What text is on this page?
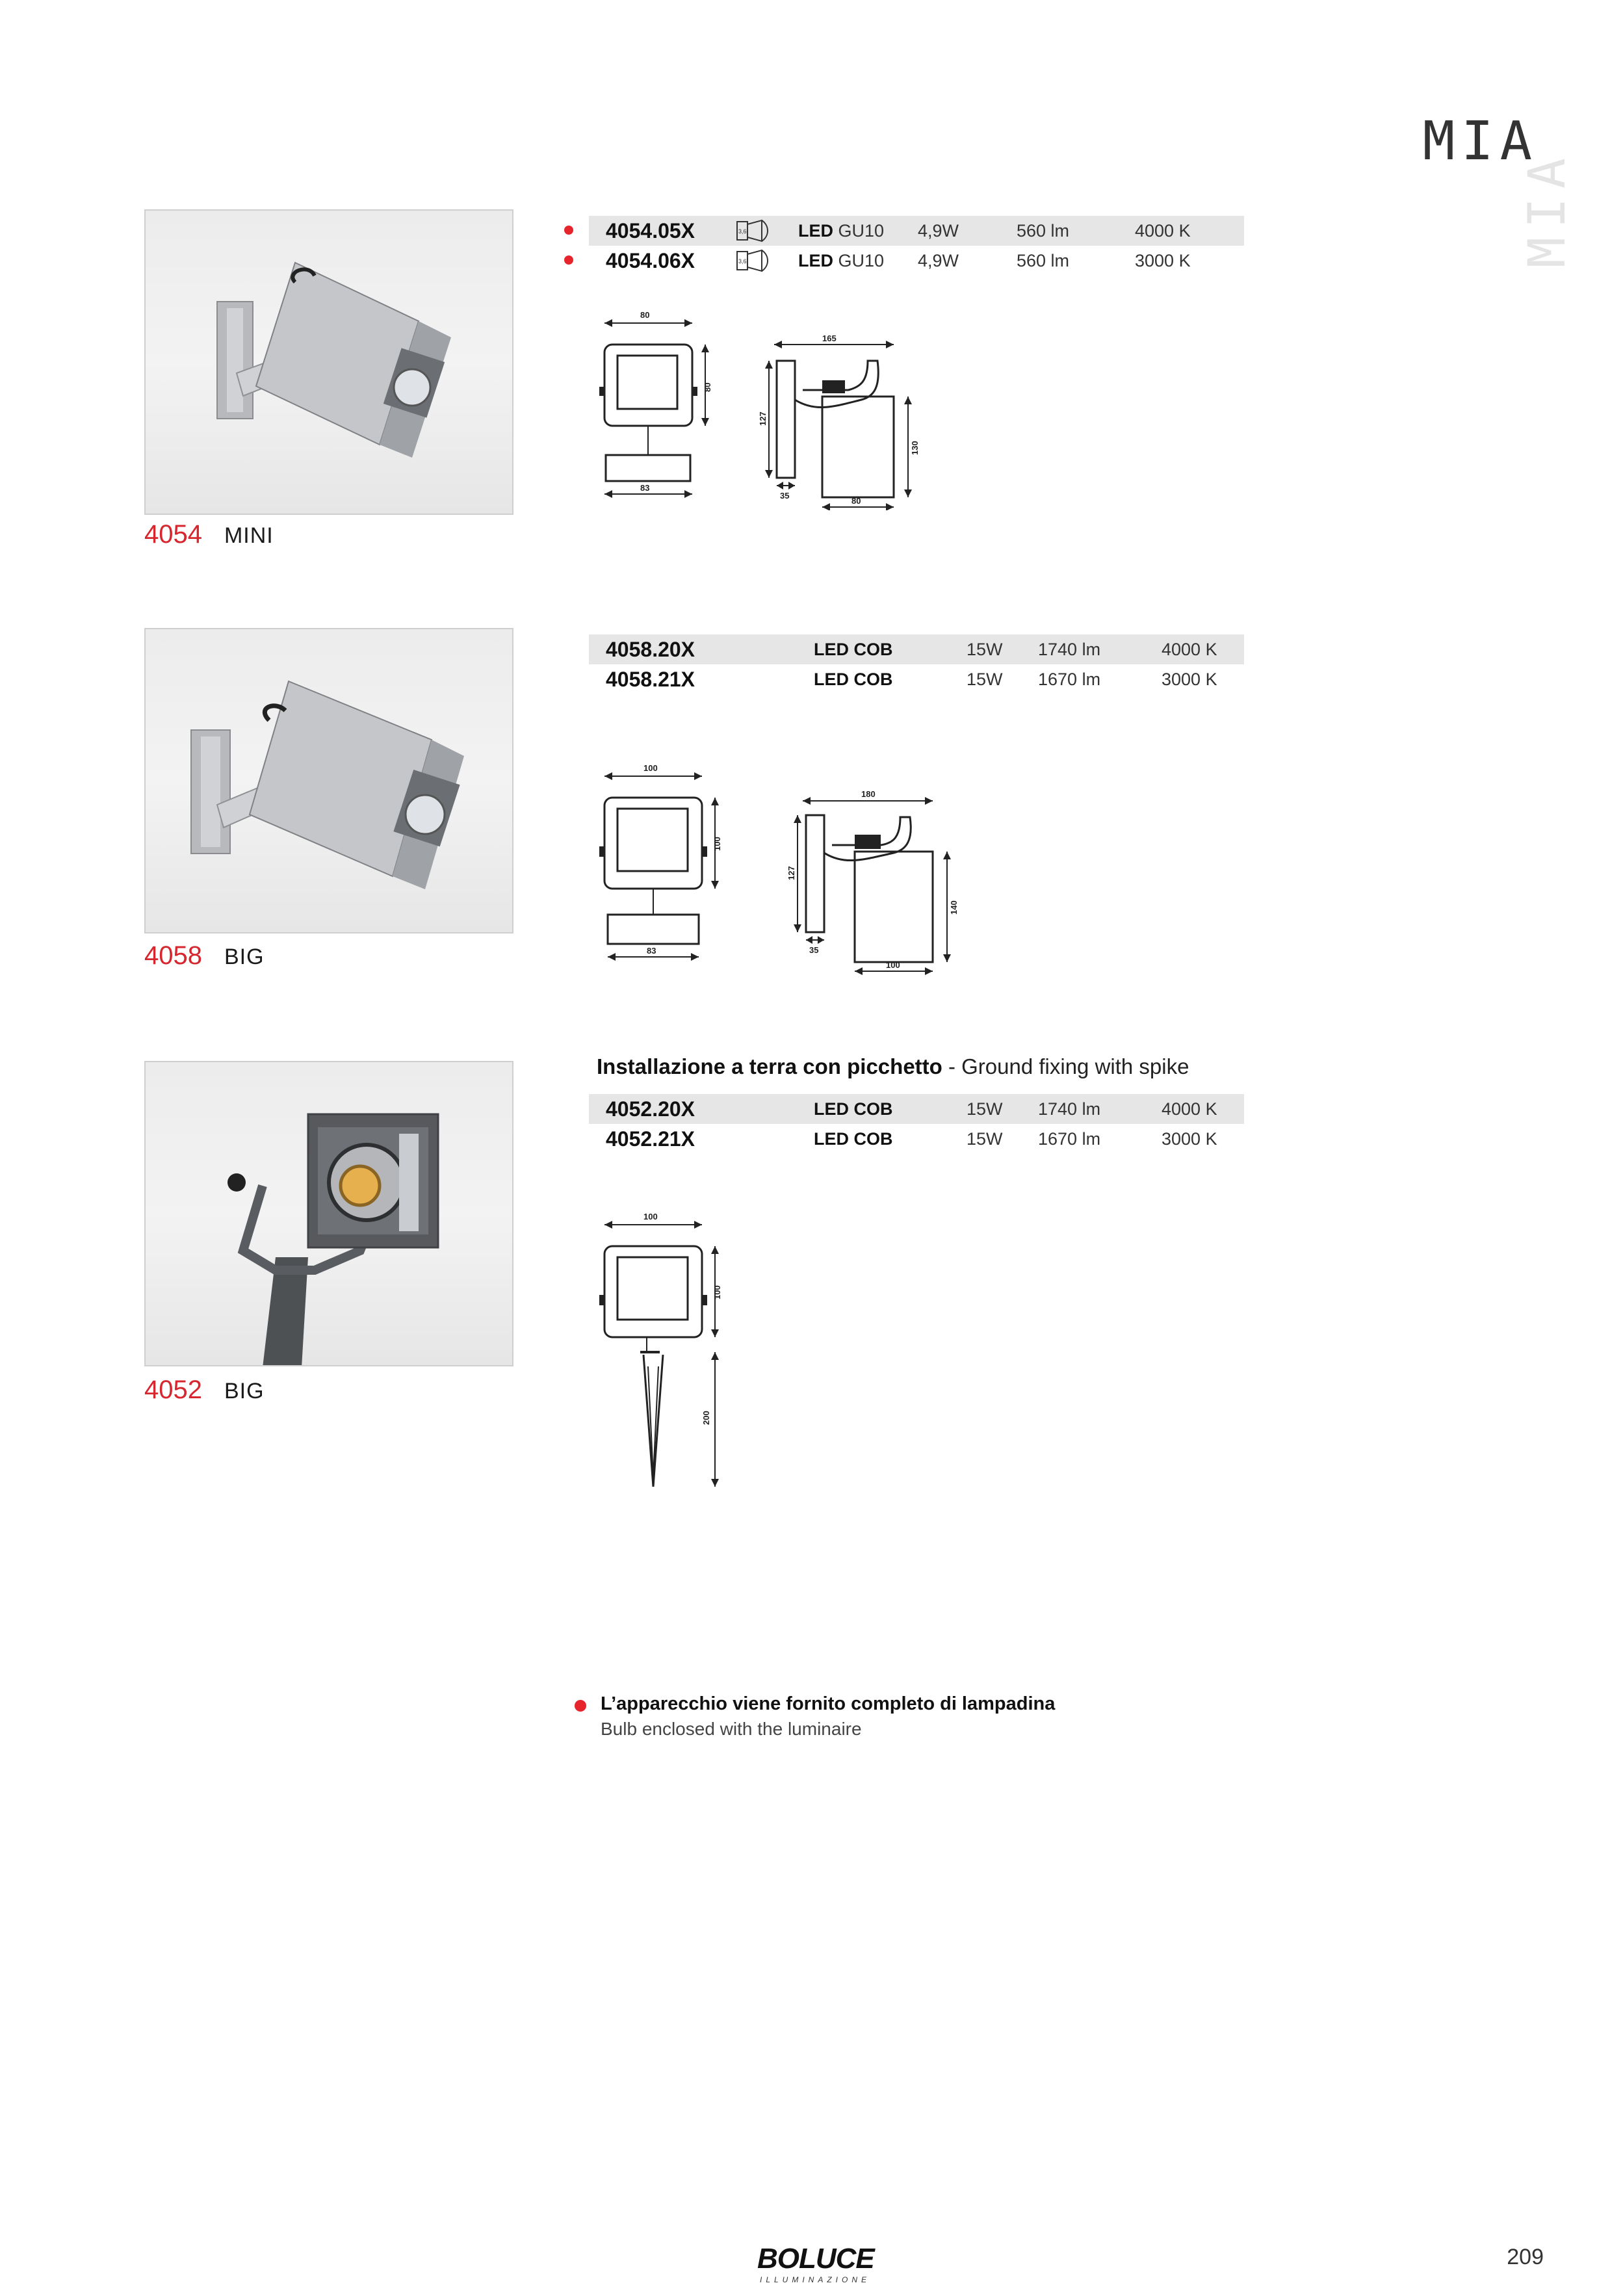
MIA
MIA
4054 MINI
4054.05X	3,6	LED GU10	4,9W	560 lm	4000 K
4054.06X	3,6	LED GU10	4,9W	560 lm	3000 K
80
80
83
165
127
35
130
80
4058 BIG
4058.20X	LED COB	15W	1740 lm	4000 K
4058.21X	LED COB	15W	1670 lm	3000 K
100
100
83
180
127
35
140
100
Installazione a terra con picchetto - Ground fixing with spike
4052 BIG
4052.20X	LED COB	15W	1740 lm	4000 K
4052.21X	LED COB	15W	1670 lm	3000 K
100
100
200
L’apparecchio viene fornito completo di lampadina
Bulb enclosed with the luminaire
BOLUCE
ILLUMINAZIONE
209
